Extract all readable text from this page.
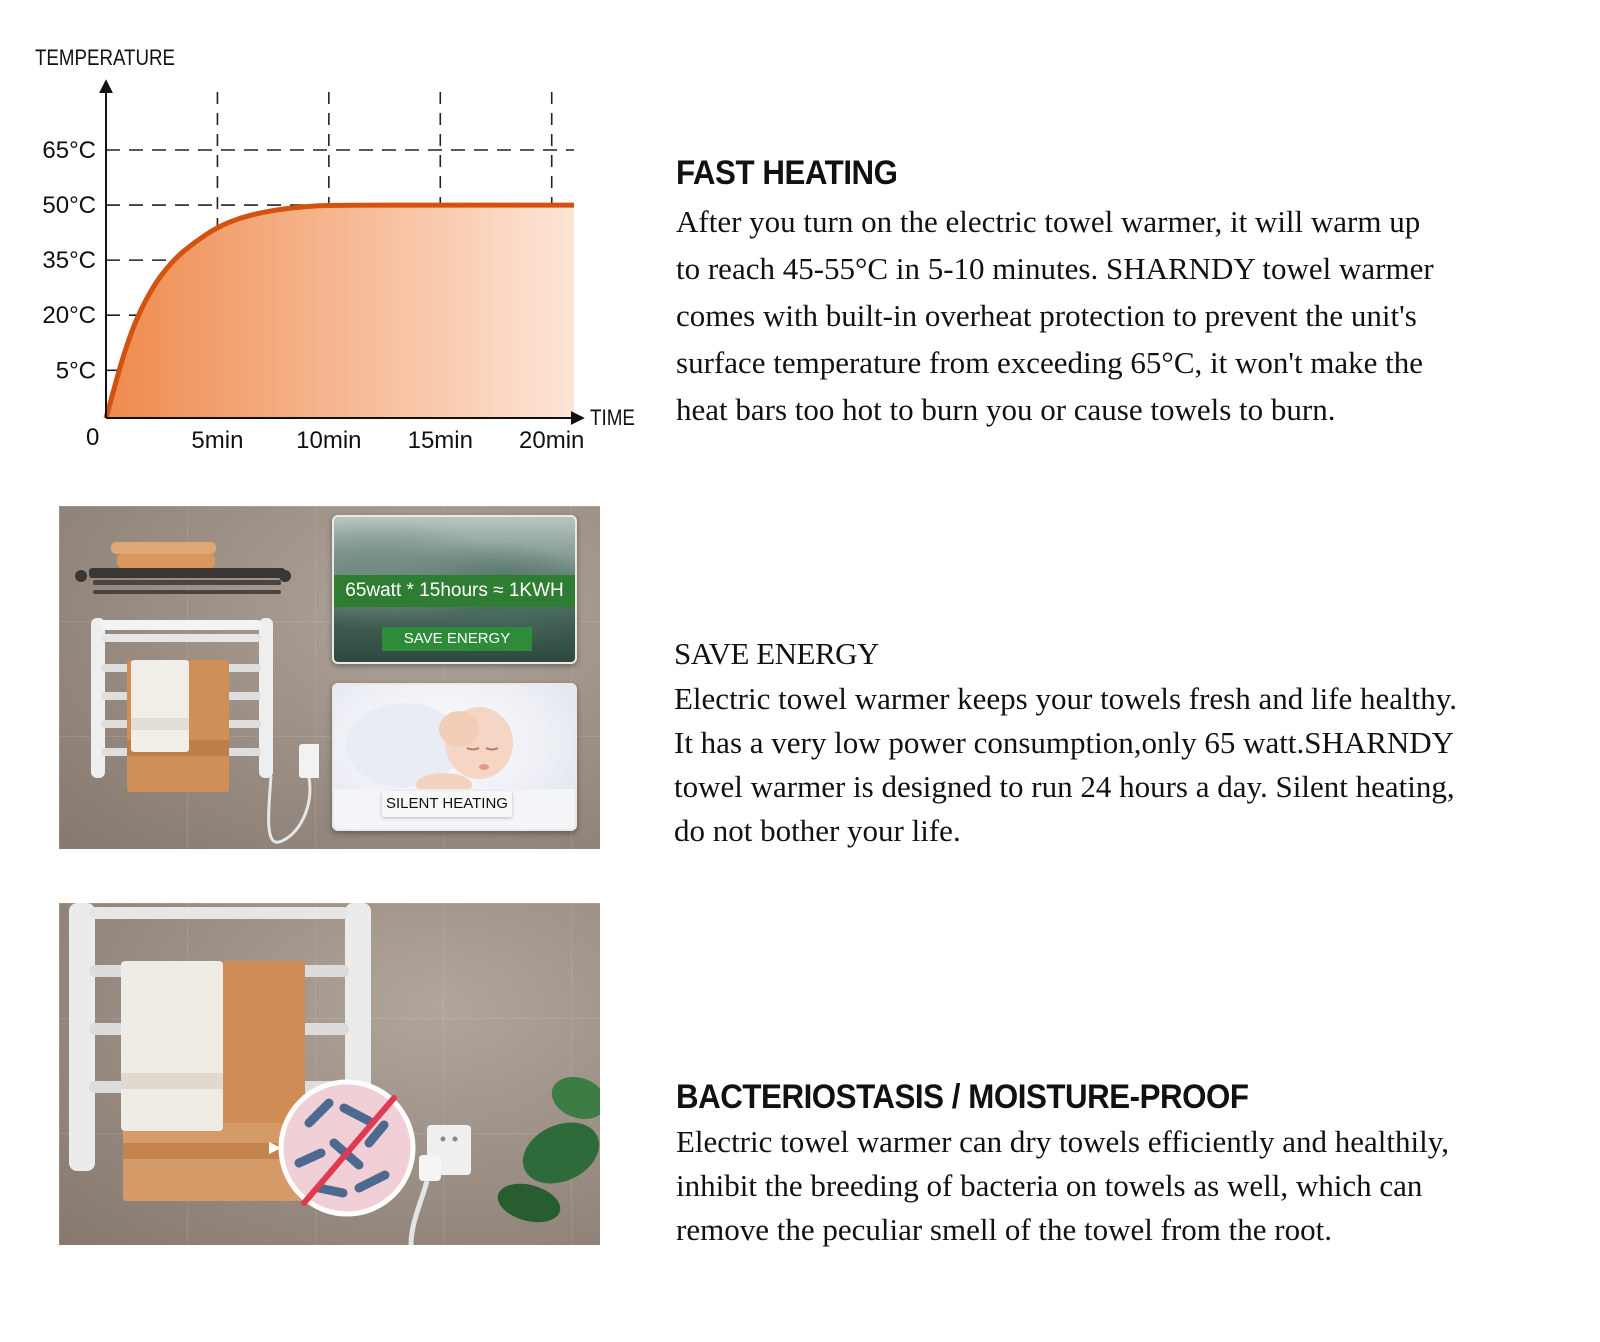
5°C
20°C
35°C
50°C
65°C
5min 10min 15min 20min
TEMPERATURE
TIME
0
FAST HEATING
After you turn on the electric towel warmer, it will warm up
to reach 45-55°C in 5-10 minutes. SHARNDY towel warmer
comes with built-in overheat protection to prevent the unit's
surface temperature from exceeding 65°C, it won't make the
heat bars too hot to burn you or cause towels to burn.
SAVE ENERGY
Electric towel warmer keeps your towels fresh and life healthy.
It has a very low power consumption,only 65 watt.SHARNDY
towel warmer is designed to run 24 hours a day. Silent heating,
do not bother your life.
BACTERIOSTASIS / MOISTURE-PROOF
Electric towel warmer can dry towels efficiently and healthily,
inhibit the breeding of bacteria on towels as well, which can
remove the peculiar smell of the towel from the root.
65watt * 15hours ≈ 1KWH
SAVE ENERGY
SILENT HEATING
